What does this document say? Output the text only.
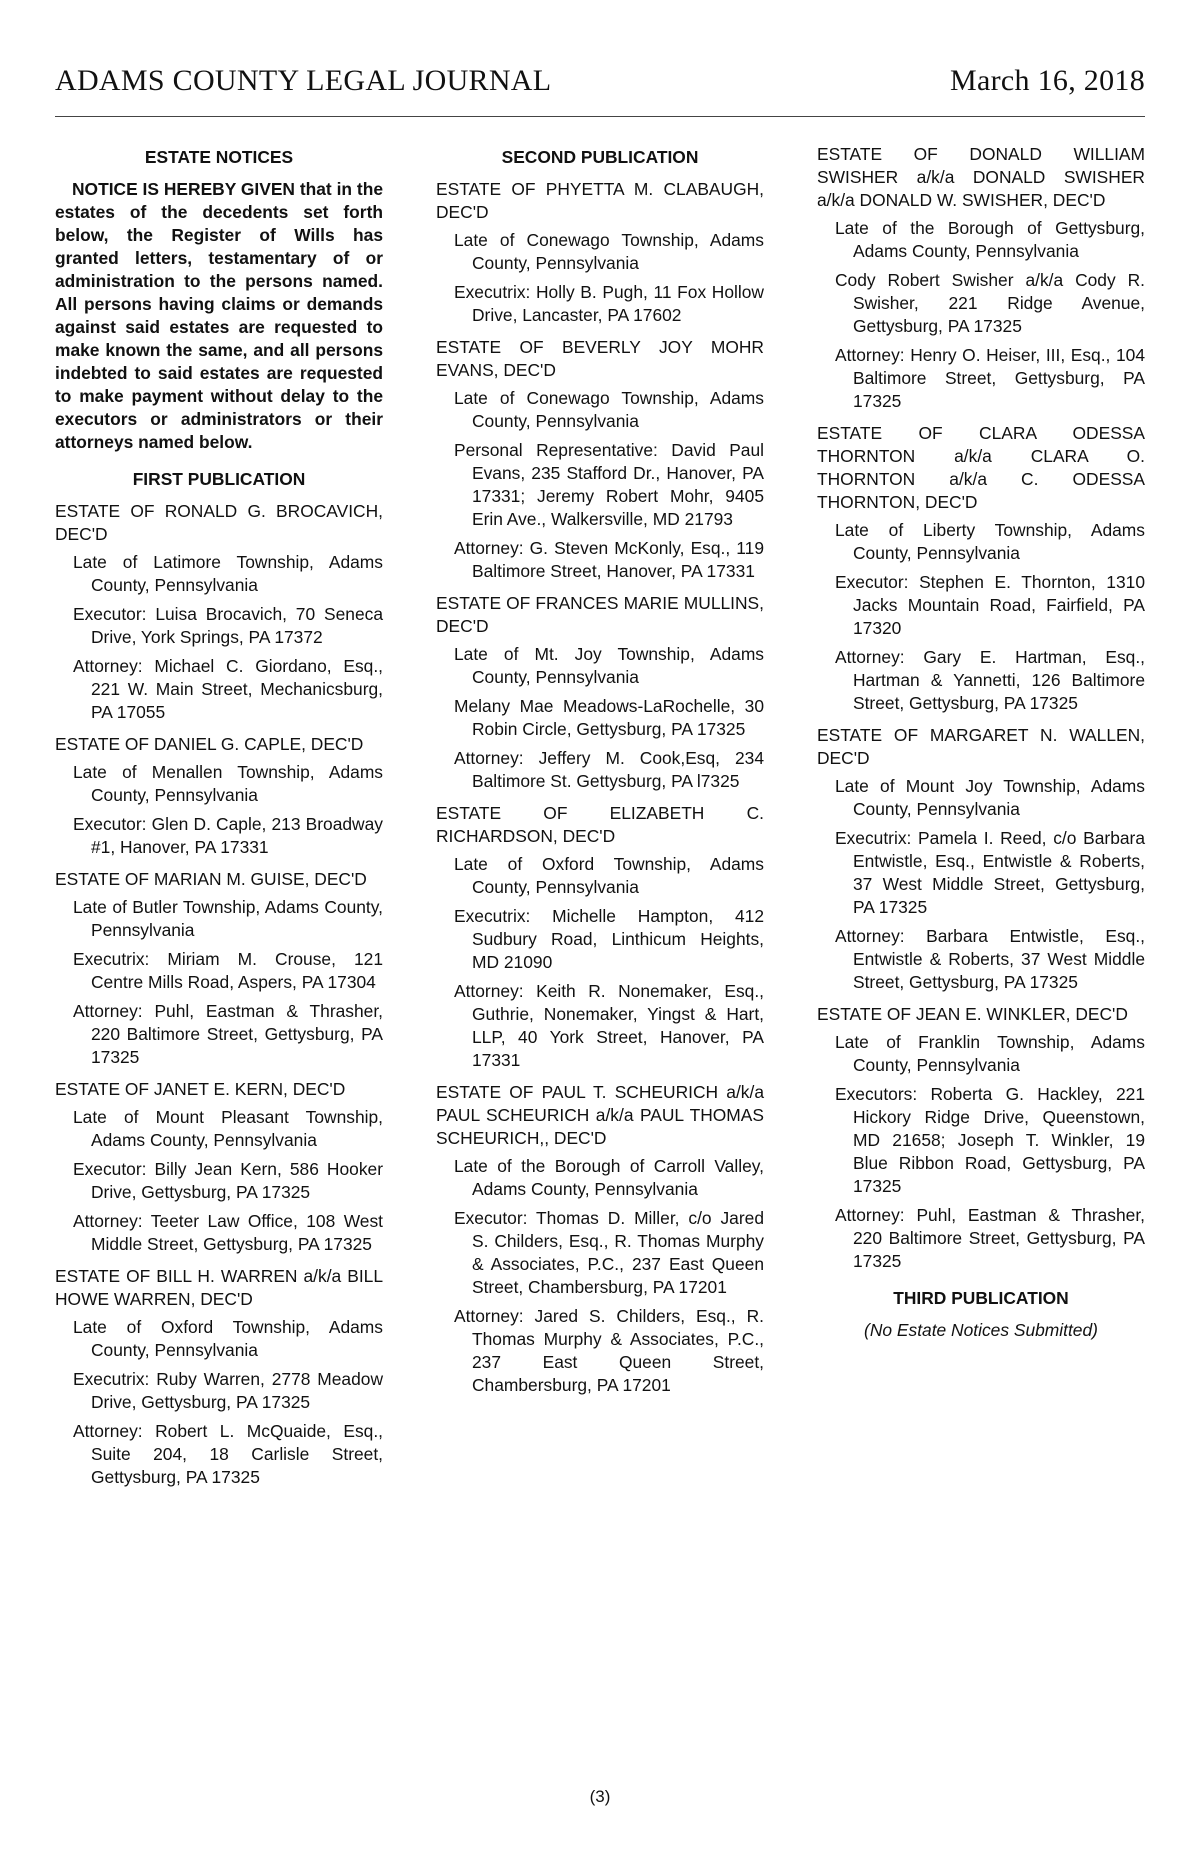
ADAMS COUNTY LEGAL JOURNAL	March 16, 2018
ESTATE NOTICES

NOTICE IS HEREBY GIVEN that in the estates of the decedents set forth below, the Register of Wills has granted letters, testamentary of or administration to the persons named. All persons having claims or demands against said estates are requested to make known the same, and all persons indebted to said estates are requested to make payment without delay to the executors or administrators or their attorneys named below.

FIRST PUBLICATION
ESTATE OF RONALD G. BROCAVICH, DEC'D
Late of Latimore Township, Adams County, Pennsylvania
Executor: Luisa Brocavich, 70 Seneca Drive, York Springs, PA 17372
Attorney: Michael C. Giordano, Esq., 221 W. Main Street, Mechanicsburg, PA 17055
ESTATE OF DANIEL G. CAPLE, DEC'D
Late of Menallen Township, Adams County, Pennsylvania
Executor: Glen D. Caple, 213 Broadway #1, Hanover, PA 17331
ESTATE OF MARIAN M. GUISE, DEC'D
Late of Butler Township, Adams County, Pennsylvania
Executrix: Miriam M. Crouse, 121 Centre Mills Road, Aspers, PA 17304
Attorney: Puhl, Eastman & Thrasher, 220 Baltimore Street, Gettysburg, PA 17325
ESTATE OF JANET E. KERN, DEC'D
Late of Mount Pleasant Township, Adams County, Pennsylvania
Executor: Billy Jean Kern, 586 Hooker Drive, Gettysburg, PA 17325
Attorney: Teeter Law Office, 108 West Middle Street, Gettysburg, PA 17325
ESTATE OF BILL H. WARREN a/k/a BILL HOWE WARREN, DEC'D
Late of Oxford Township, Adams County, Pennsylvania
Executrix: Ruby Warren, 2778 Meadow Drive, Gettysburg, PA 17325
Attorney: Robert L. McQuaide, Esq., Suite 204, 18 Carlisle Street, Gettysburg, PA 17325
SECOND PUBLICATION
ESTATE OF PHYETTA M. CLABAUGH, DEC'D
Late of Conewago Township, Adams County, Pennsylvania
Executrix: Holly B. Pugh, 11 Fox Hollow Drive, Lancaster, PA 17602
ESTATE OF BEVERLY JOY MOHR EVANS, DEC'D
Late of Conewago Township, Adams County, Pennsylvania
Personal Representative: David Paul Evans, 235 Stafford Dr., Hanover, PA 17331; Jeremy Robert Mohr, 9405 Erin Ave., Walkersville, MD 21793
Attorney: G. Steven McKonly, Esq., 119 Baltimore Street, Hanover, PA 17331
ESTATE OF FRANCES MARIE MULLINS, DEC'D
Late of Mt. Joy Township, Adams County, Pennsylvania
Melany Mae Meadows-LaRochelle, 30 Robin Circle, Gettysburg, PA 17325
Attorney: Jeffery M. Cook,Esq, 234 Baltimore St. Gettysburg, PA l7325
ESTATE OF ELIZABETH C. RICHARDSON, DEC'D
Late of Oxford Township, Adams County, Pennsylvania
Executrix: Michelle Hampton, 412 Sudbury Road, Linthicum Heights, MD 21090
Attorney: Keith R. Nonemaker, Esq., Guthrie, Nonemaker, Yingst & Hart, LLP, 40 York Street, Hanover, PA 17331
ESTATE OF PAUL T. SCHEURICH a/k/a PAUL SCHEURICH a/k/a PAUL THOMAS SCHEURICH,, DEC'D
Late of the Borough of Carroll Valley, Adams County, Pennsylvania
Executor: Thomas D. Miller, c/o Jared S. Childers, Esq., R. Thomas Murphy & Associates, P.C., 237 East Queen Street, Chambersburg, PA 17201
Attorney: Jared S. Childers, Esq., R. Thomas Murphy & Associates, P.C., 237 East Queen Street, Chambersburg, PA 17201
ESTATE OF DONALD WILLIAM SWISHER a/k/a DONALD SWISHER a/k/a DONALD W. SWISHER, DEC'D
Late of the Borough of Gettysburg, Adams County, Pennsylvania
Cody Robert Swisher a/k/a Cody R. Swisher, 221 Ridge Avenue, Gettysburg, PA 17325
Attorney: Henry O. Heiser, III, Esq., 104 Baltimore Street, Gettysburg, PA 17325
ESTATE OF CLARA ODESSA THORNTON a/k/a CLARA O. THORNTON a/k/a C. ODESSA THORNTON, DEC'D
Late of Liberty Township, Adams County, Pennsylvania
Executor: Stephen E. Thornton, 1310 Jacks Mountain Road, Fairfield, PA 17320
Attorney: Gary E. Hartman, Esq., Hartman & Yannetti, 126 Baltimore Street, Gettysburg, PA 17325
ESTATE OF MARGARET N. WALLEN, DEC'D
Late of Mount Joy Township, Adams County, Pennsylvania
Executrix: Pamela I. Reed, c/o Barbara Entwistle, Esq., Entwistle & Roberts, 37 West Middle Street, Gettysburg, PA 17325
Attorney: Barbara Entwistle, Esq., Entwistle & Roberts, 37 West Middle Street, Gettysburg, PA 17325
ESTATE OF JEAN E. WINKLER, DEC'D
Late of Franklin Township, Adams County, Pennsylvania
Executors: Roberta G. Hackley, 221 Hickory Ridge Drive, Queenstown, MD 21658; Joseph T. Winkler, 19 Blue Ribbon Road, Gettysburg, PA 17325
Attorney: Puhl, Eastman & Thrasher, 220 Baltimore Street, Gettysburg, PA 17325
THIRD PUBLICATION
(No Estate Notices Submitted)
(3)
